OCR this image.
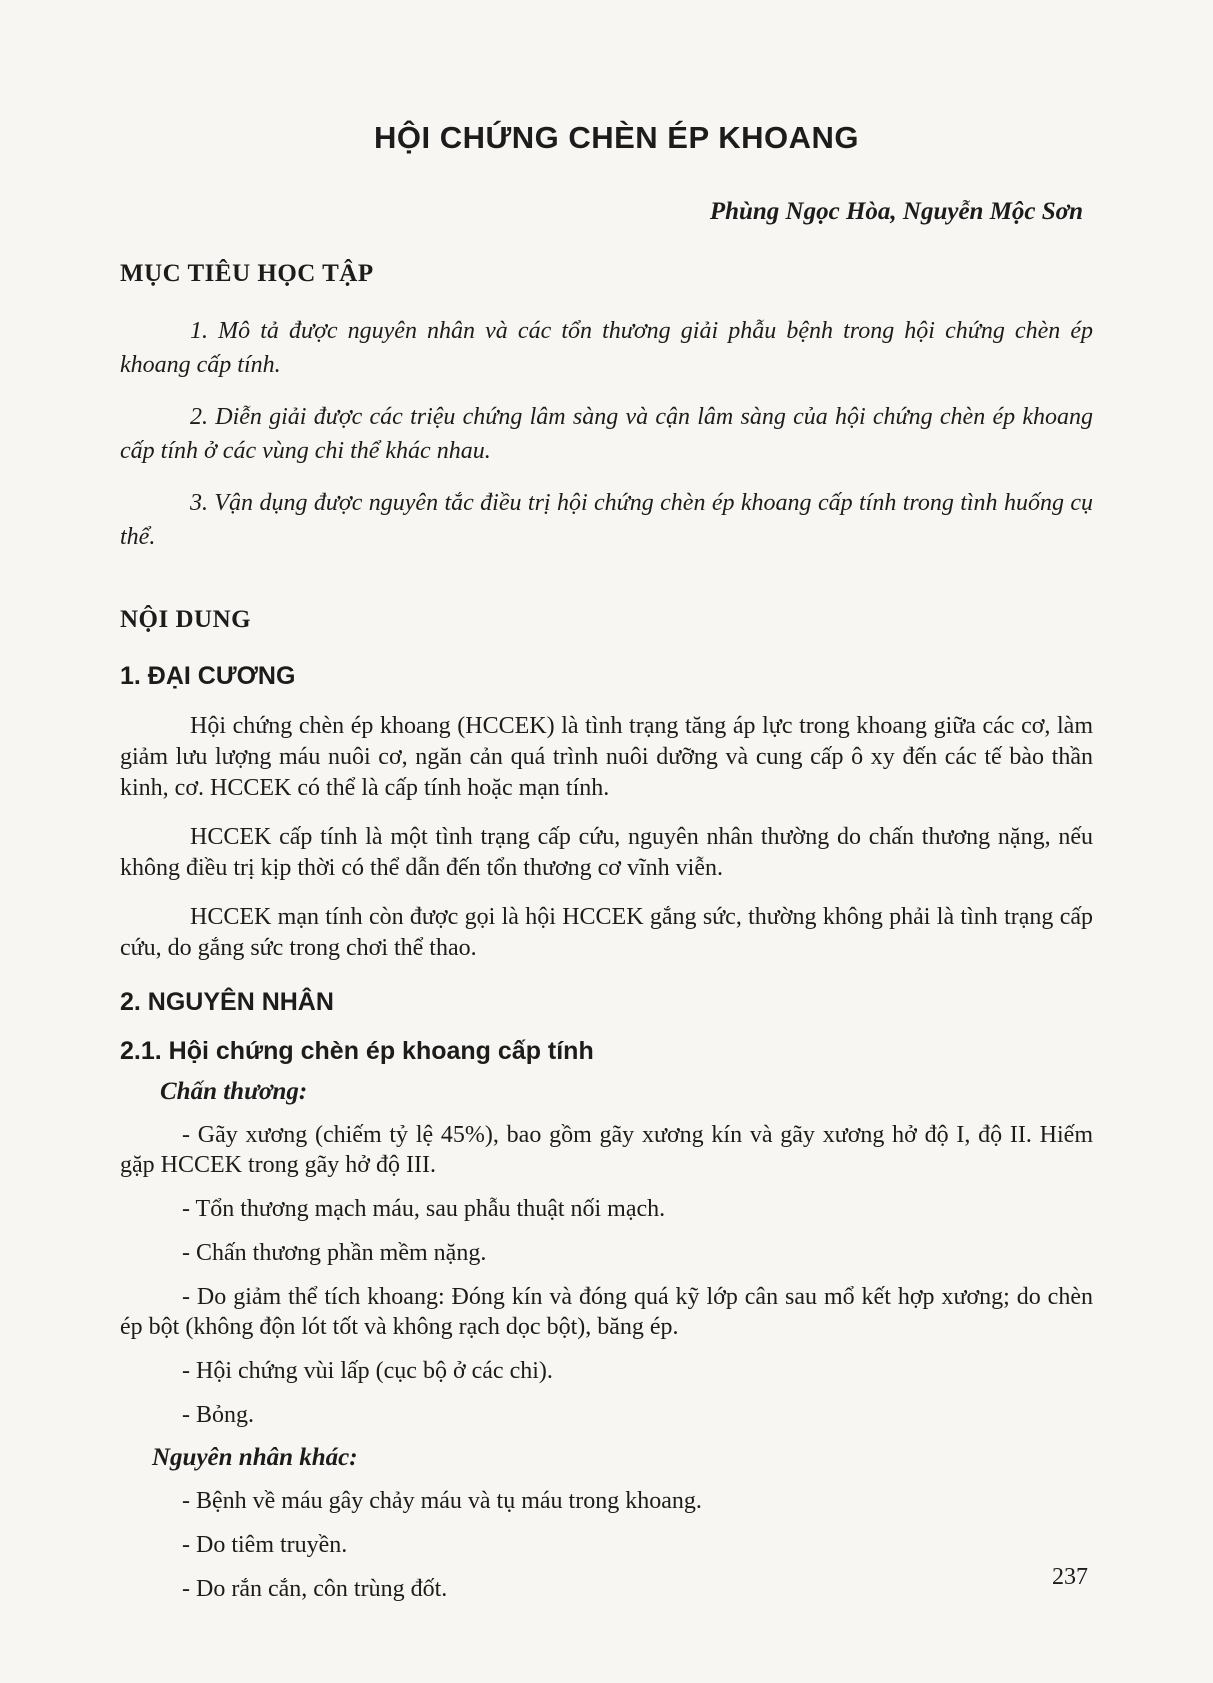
HỘI CHỨNG CHÈN ÉP KHOANG
Phùng Ngọc Hòa, Nguyễn Mộc Sơn
MỤC TIÊU HỌC TẬP

1. Mô tả được nguyên nhân và các tổn thương giải phẫu bệnh trong hội chứng chèn ép khoang cấp tính.

2. Diễn giải được các triệu chứng lâm sàng và cận lâm sàng của hội chứng chèn ép khoang cấp tính ở các vùng chi thể khác nhau.

3. Vận dụng được nguyên tắc điều trị hội chứng chèn ép khoang cấp tính trong tình huống cụ thể.

NỘI DUNG
1. ĐẠI CƯƠNG

Hội chứng chèn ép khoang (HCCEK) là tình trạng tăng áp lực trong khoang giữa các cơ, làm giảm lưu lượng máu nuôi cơ, ngăn cản quá trình nuôi dưỡng và cung cấp ô xy đến các tế bào thần kinh, cơ. HCCEK có thể là cấp tính hoặc mạn tính.

HCCEK cấp tính là một tình trạng cấp cứu, nguyên nhân thường do chấn thương nặng, nếu không điều trị kịp thời có thể dẫn đến tổn thương cơ vĩnh viễn.

HCCEK mạn tính còn được gọi là hội HCCEK gắng sức, thường không phải là tình trạng cấp cứu, do gắng sức trong chơi thể thao.

2. NGUYÊN NHÂN
2.1. Hội chứng chèn ép khoang cấp tính
Chấn thương:

- Gãy xương (chiếm tỷ lệ 45%), bao gồm gãy xương kín và gãy xương hở độ I, độ II. Hiếm gặp HCCEK trong gãy hở độ III.

- Tổn thương mạch máu, sau phẫu thuật nối mạch.

- Chấn thương phần mềm nặng.

- Do giảm thể tích khoang: Đóng kín và đóng quá kỹ lớp cân sau mổ kết hợp xương; do chèn ép bột (không độn lót tốt và không rạch dọc bột), băng ép.

- Hội chứng vùi lấp (cục bộ ở các chi).

- Bỏng.

Nguyên nhân khác:

- Bệnh về máu gây chảy máu và tụ máu trong khoang.

- Do tiêm truyền.

- Do rắn cắn, côn trùng đốt.	237
